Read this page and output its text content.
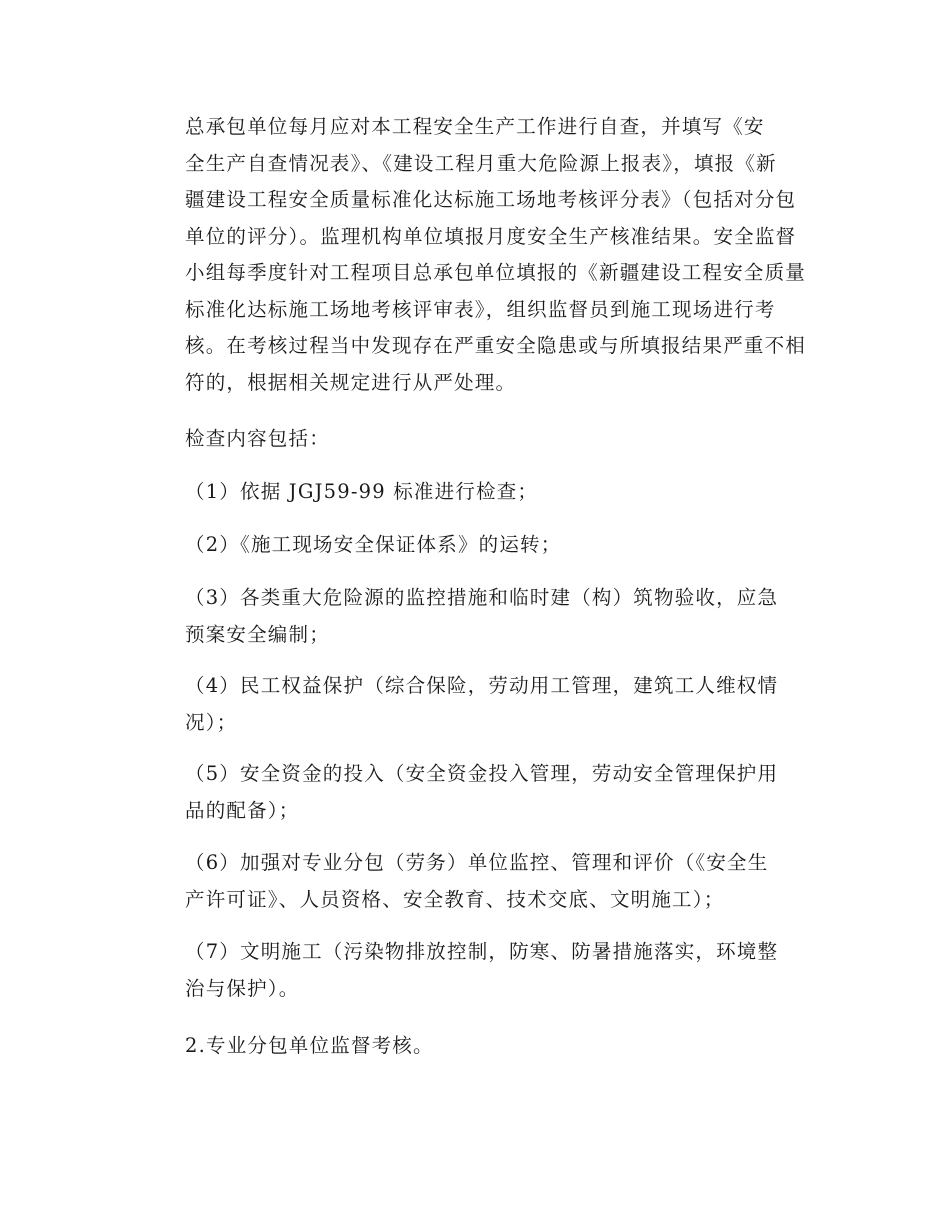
总承包单位每月应对本工程安全生产工作进行自查，并填写《安
全生产自查情况表》、《建设工程月重大危险源上报表》，填报《新
疆建设工程安全质量标准化达标施工场地考核评分表》（包括对分包
单位的评分）。监理机构单位填报月度安全生产核准结果。安全监督
小组每季度针对工程项目总承包单位填报的《新疆建设工程安全质量
标准化达标施工场地考核评审表》，组织监督员到施工现场进行考
核。在考核过程当中发现存在严重安全隐患或与所填报结果严重不相
符的，根据相关规定进行从严处理。

检查内容包括：

（1）依据 JGJ59-99 标准进行检查；

（2）《施工现场安全保证体系》的运转；

（3）各类重大危险源的监控措施和临时建（构）筑物验收，应急
预案安全编制；

（4）民工权益保护（综合保险，劳动用工管理，建筑工人维权情
况）；

（5）安全资金的投入（安全资金投入管理，劳动安全管理保护用
品的配备）；

（6）加强对专业分包（劳务）单位监控、管理和评价（《安全生
产许可证》、人员资格、安全教育、技术交底、文明施工）；

（7）文明施工（污染物排放控制，防寒、防暑措施落实，环境整
治与保护）。

2.专业分包单位监督考核。
